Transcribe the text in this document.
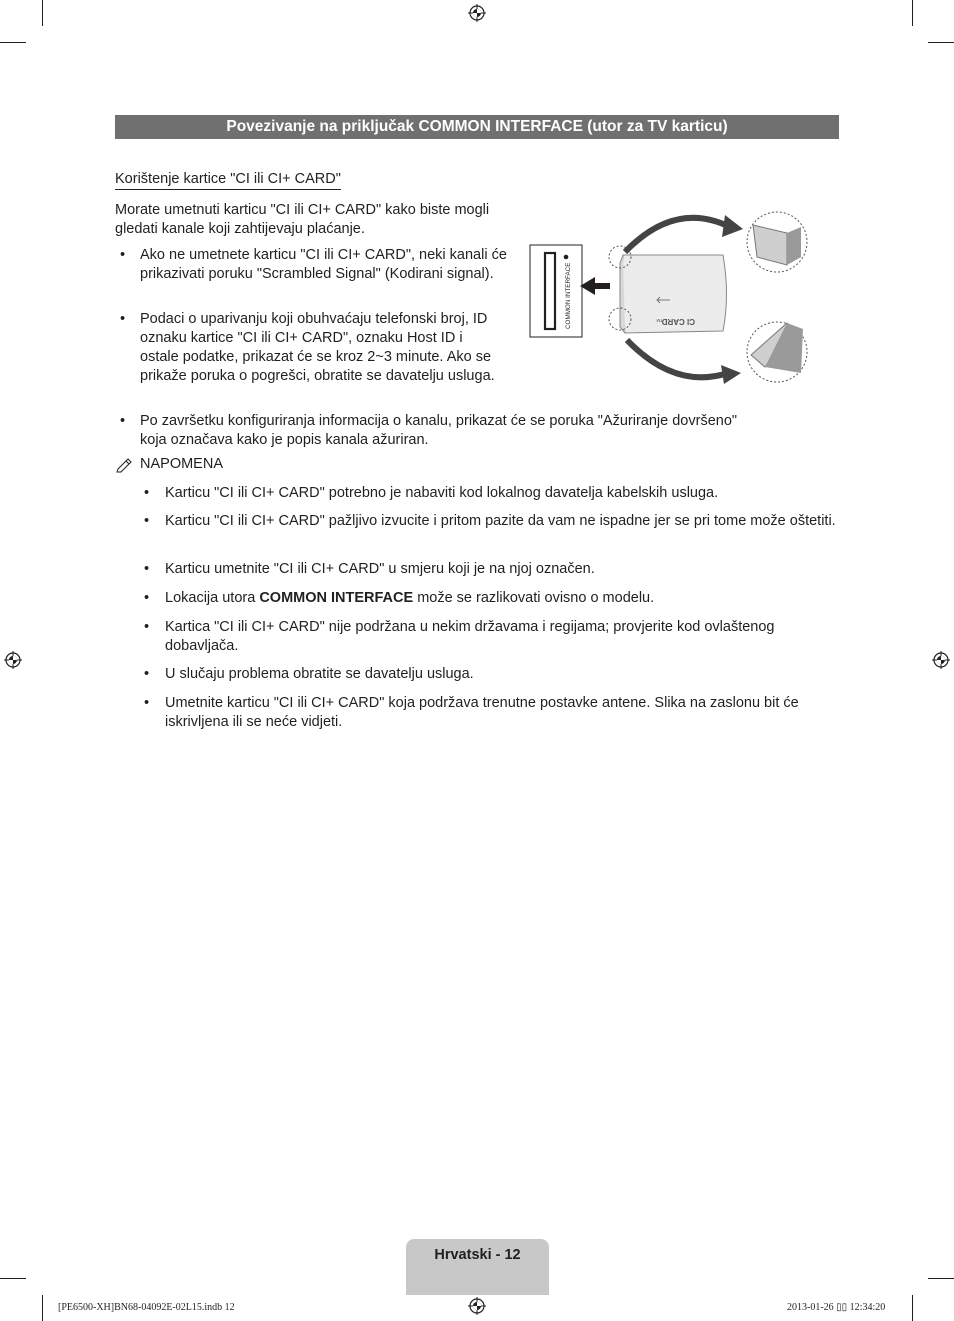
Povezivanje na priključak COMMON INTERFACE (utor za TV karticu)
Korištenje kartice "CI ili CI+ CARD"
Morate umetnuti karticu "CI ili CI+ CARD" kako biste mogli gledati kanale koji zahtijevaju plaćanje.
• Ako ne umetnete karticu "CI ili CI+ CARD", neki kanali će prikazivati poruku "Scrambled Signal" (Kodirani signal).
• Podaci o uparivanju koji obuhvaćaju telefonski broj, ID oznaku kartice "CI ili CI+ CARD", oznaku Host ID i ostale podatke, prikazat će se kroz 2~3 minute. Ako se prikaže poruka o pogrešci, obratite se davatelju usluga.
• Po završetku konfiguriranja informacija o kanalu, prikazat će se poruka "Ažuriranje dovršeno" koja označava kako je popis kanala ažuriran.
NAPOMENA
• Karticu "CI ili CI+ CARD" potrebno je nabaviti kod lokalnog davatelja kabelskih usluga.
• Karticu "CI ili CI+ CARD" pažljivo izvucite i pritom pazite da vam ne ispadne jer se pri tome može oštetiti.
• Karticu umetnite "CI ili CI+ CARD" u smjeru koji je na njoj označen.
• Lokacija utora COMMON INTERFACE može se razlikovati ovisno o modelu.
• Kartica "CI ili CI+ CARD" nije podržana u nekim državama i regijama; provjerite kod ovlaštenog dobavljača.
• U slučaju problema obratite se davatelju usluga.
• Umetnite karticu "CI ili CI+ CARD" koja podržava trenutne postavke antene. Slika na zaslonu bit će iskrivljena ili se neće vidjeti.
COMMON INTERFACE	CI CARD
TM
Hrvatski - 12
[PE6500-XH]BN68-04092E-02L15.indb 12	2013-01-26 ▯▯ 12:34:20
